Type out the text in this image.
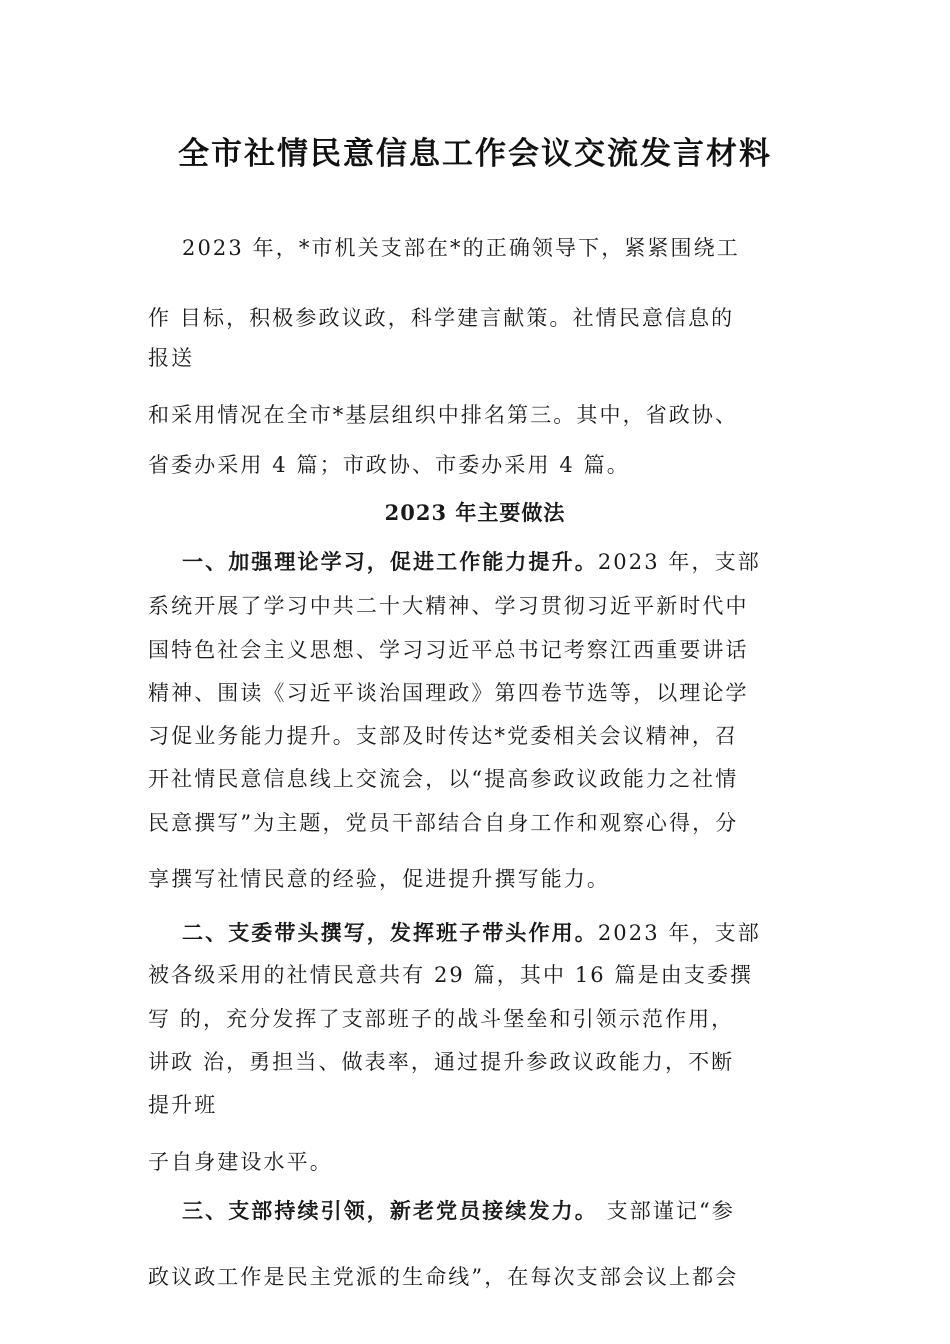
全市社情民意信息工作会议交流发言材料
2023 年，*市机关支部在*的正确领导下，紧紧围绕工
作 目标，积极参政议政，科学建言献策。社情民意信息的
报送
和采用情况在全市*基层组织中排名第三。其中，省政协、
省委办采用 4 篇；市政协、市委办采用 4 篇。
2023 年主要做法
一、加强理论学习，促进工作能力提升。2023 年，支部
系统开展了学习中共二十大精神、学习贯彻习近平新时代中
国特色社会主义思想、学习习近平总书记考察江西重要讲话
精神、围读《习近平谈治国理政》第四卷节选等，以理论学
习促业务能力提升。支部及时传达*党委相关会议精神，召
开社情民意信息线上交流会，以“提高参政议政能力之社情
民意撰写”为主题，党员干部结合自身工作和观察心得，分
享撰写社情民意的经验，促进提升撰写能力。
二、支委带头撰写，发挥班子带头作用。2023 年，支部
被各级采用的社情民意共有 29 篇，其中 16 篇是由支委撰
写 的，充分发挥了支部班子的战斗堡垒和引领示范作用，
讲政 治，勇担当、做表率，通过提升参政议政能力，不断
提升班
子自身建设水平。
三、支部持续引领，新老党员接续发力。 支部谨记“参
政议政工作是民主党派的生命线”，在每次支部会议上都会
